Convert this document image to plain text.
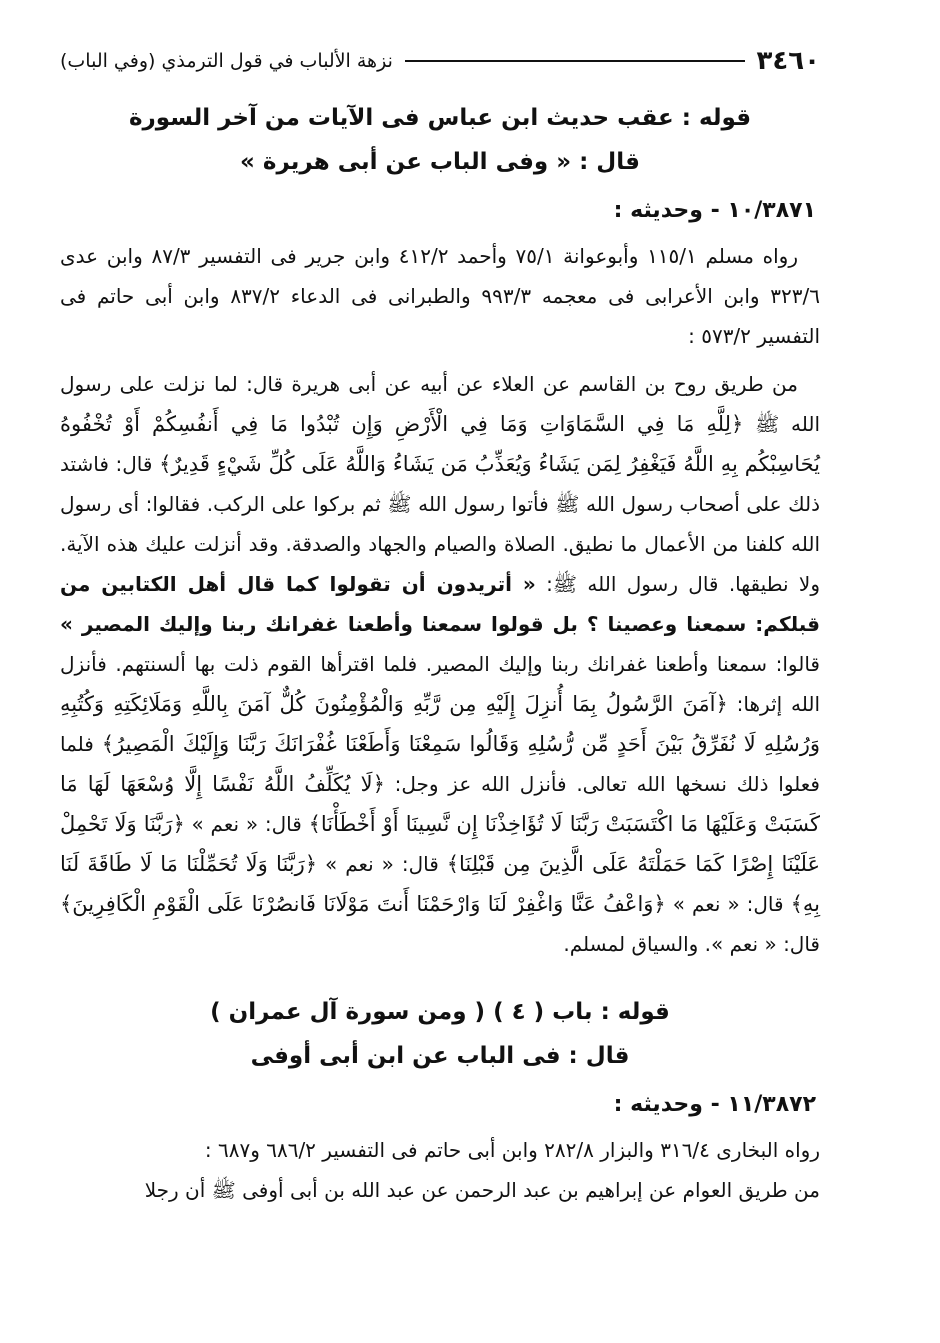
٣٤٦٠
نزهة الألباب في قول الترمذي (وفي الباب)

قوله : عقب حديث ابن عباس فى الآيات من آخر السورة

قال : « وفى الباب عن أبى هريرة »

١٠/٣٨٧١ - وحديثه :

رواه مسلم ١١٥/١ وأبوعوانة ٧٥/١ وأحمد ٤١٢/٢ وابن جرير فى التفسير ٨٧/٣ وابن عدى ٣٢٣/٦ وابن الأعرابى فى معجمه ٩٩٣/٣ والطبرانى فى الدعاء ٨٣٧/٢ وابن أبى حاتم فى التفسير ٥٧٣/٢ :

من طريق روح بن القاسم عن العلاء عن أبيه عن أبى هريرة قال: لما نزلت على رسول الله ﷺ ﴿لِلَّهِ مَا فِي السَّمَاوَاتِ وَمَا فِي الْأَرْضِ وَإِن تُبْدُوا مَا فِي أَنفُسِكُمْ أَوْ تُخْفُوهُ يُحَاسِبْكُم بِهِ اللَّهُ فَيَغْفِرُ لِمَن يَشَاءُ وَيُعَذِّبُ مَن يَشَاءُ وَاللَّهُ عَلَى كُلِّ شَيْءٍ قَدِيرٌ﴾ قال: فاشتد ذلك على أصحاب رسول الله ﷺ فأتوا رسول الله ﷺ ثم بركوا على الركب. فقالوا: أى رسول الله كلفنا من الأعمال ما نطيق. الصلاة والصيام والجهاد والصدقة. وقد أنزلت عليك هذه الآية. ولا نطيقها. قال رسول الله ﷺ: « أتريدون أن تقولوا كما قال أهل الكتابين من قبلكم: سمعنا وعصينا ؟ بل قولوا سمعنا وأطعنا غفرانك ربنا وإليك المصير » قالوا: سمعنا وأطعنا غفرانك ربنا وإليك المصير. فلما اقترأها القوم ذلت بها ألسنتهم. فأنزل الله إثرها: ﴿آمَنَ الرَّسُولُ بِمَا أُنزِلَ إِلَيْهِ مِن رَّبِّهِ وَالْمُؤْمِنُونَ كُلٌّ آمَنَ بِاللَّهِ وَمَلَائِكَتِهِ وَكُتُبِهِ وَرُسُلِهِ لَا نُفَرِّقُ بَيْنَ أَحَدٍ مِّن رُّسُلِهِ وَقَالُوا سَمِعْنَا وَأَطَعْنَا غُفْرَانَكَ رَبَّنَا وَإِلَيْكَ الْمَصِيرُ﴾ فلما فعلوا ذلك نسخها الله تعالى. فأنزل الله عز وجل: ﴿لَا يُكَلِّفُ اللَّهُ نَفْسًا إِلَّا وُسْعَهَا لَهَا مَا كَسَبَتْ وَعَلَيْهَا مَا اكْتَسَبَتْ رَبَّنَا لَا تُؤَاخِذْنَا إِن نَّسِينَا أَوْ أَخْطَأْنَا﴾ قال: « نعم » ﴿رَبَّنَا وَلَا تَحْمِلْ عَلَيْنَا إِصْرًا كَمَا حَمَلْتَهُ عَلَى الَّذِينَ مِن قَبْلِنَا﴾ قال: « نعم » ﴿رَبَّنَا وَلَا تُحَمِّلْنَا مَا لَا طَاقَةَ لَنَا بِهِ﴾ قال: « نعم » ﴿وَاعْفُ عَنَّا وَاغْفِرْ لَنَا وَارْحَمْنَا أَنتَ مَوْلَانَا فَانصُرْنَا عَلَى الْقَوْمِ الْكَافِرِينَ﴾ قال: « نعم ». والسياق لمسلم.

قوله : باب ( ٤ ) ( ومن سورة آل عمران )

قال : فى الباب عن ابن أبى أوفى

١١/٣٨٧٢ - وحديثه :

رواه البخارى ٣١٦/٤ والبزار ٢٨٢/٨ وابن أبى حاتم فى التفسير ٦٨٦/٢ و٦٨٧ :

من طريق العوام عن إبراهيم بن عبد الرحمن عن عبد الله بن أبى أوفى ﷺ أن رجلا
